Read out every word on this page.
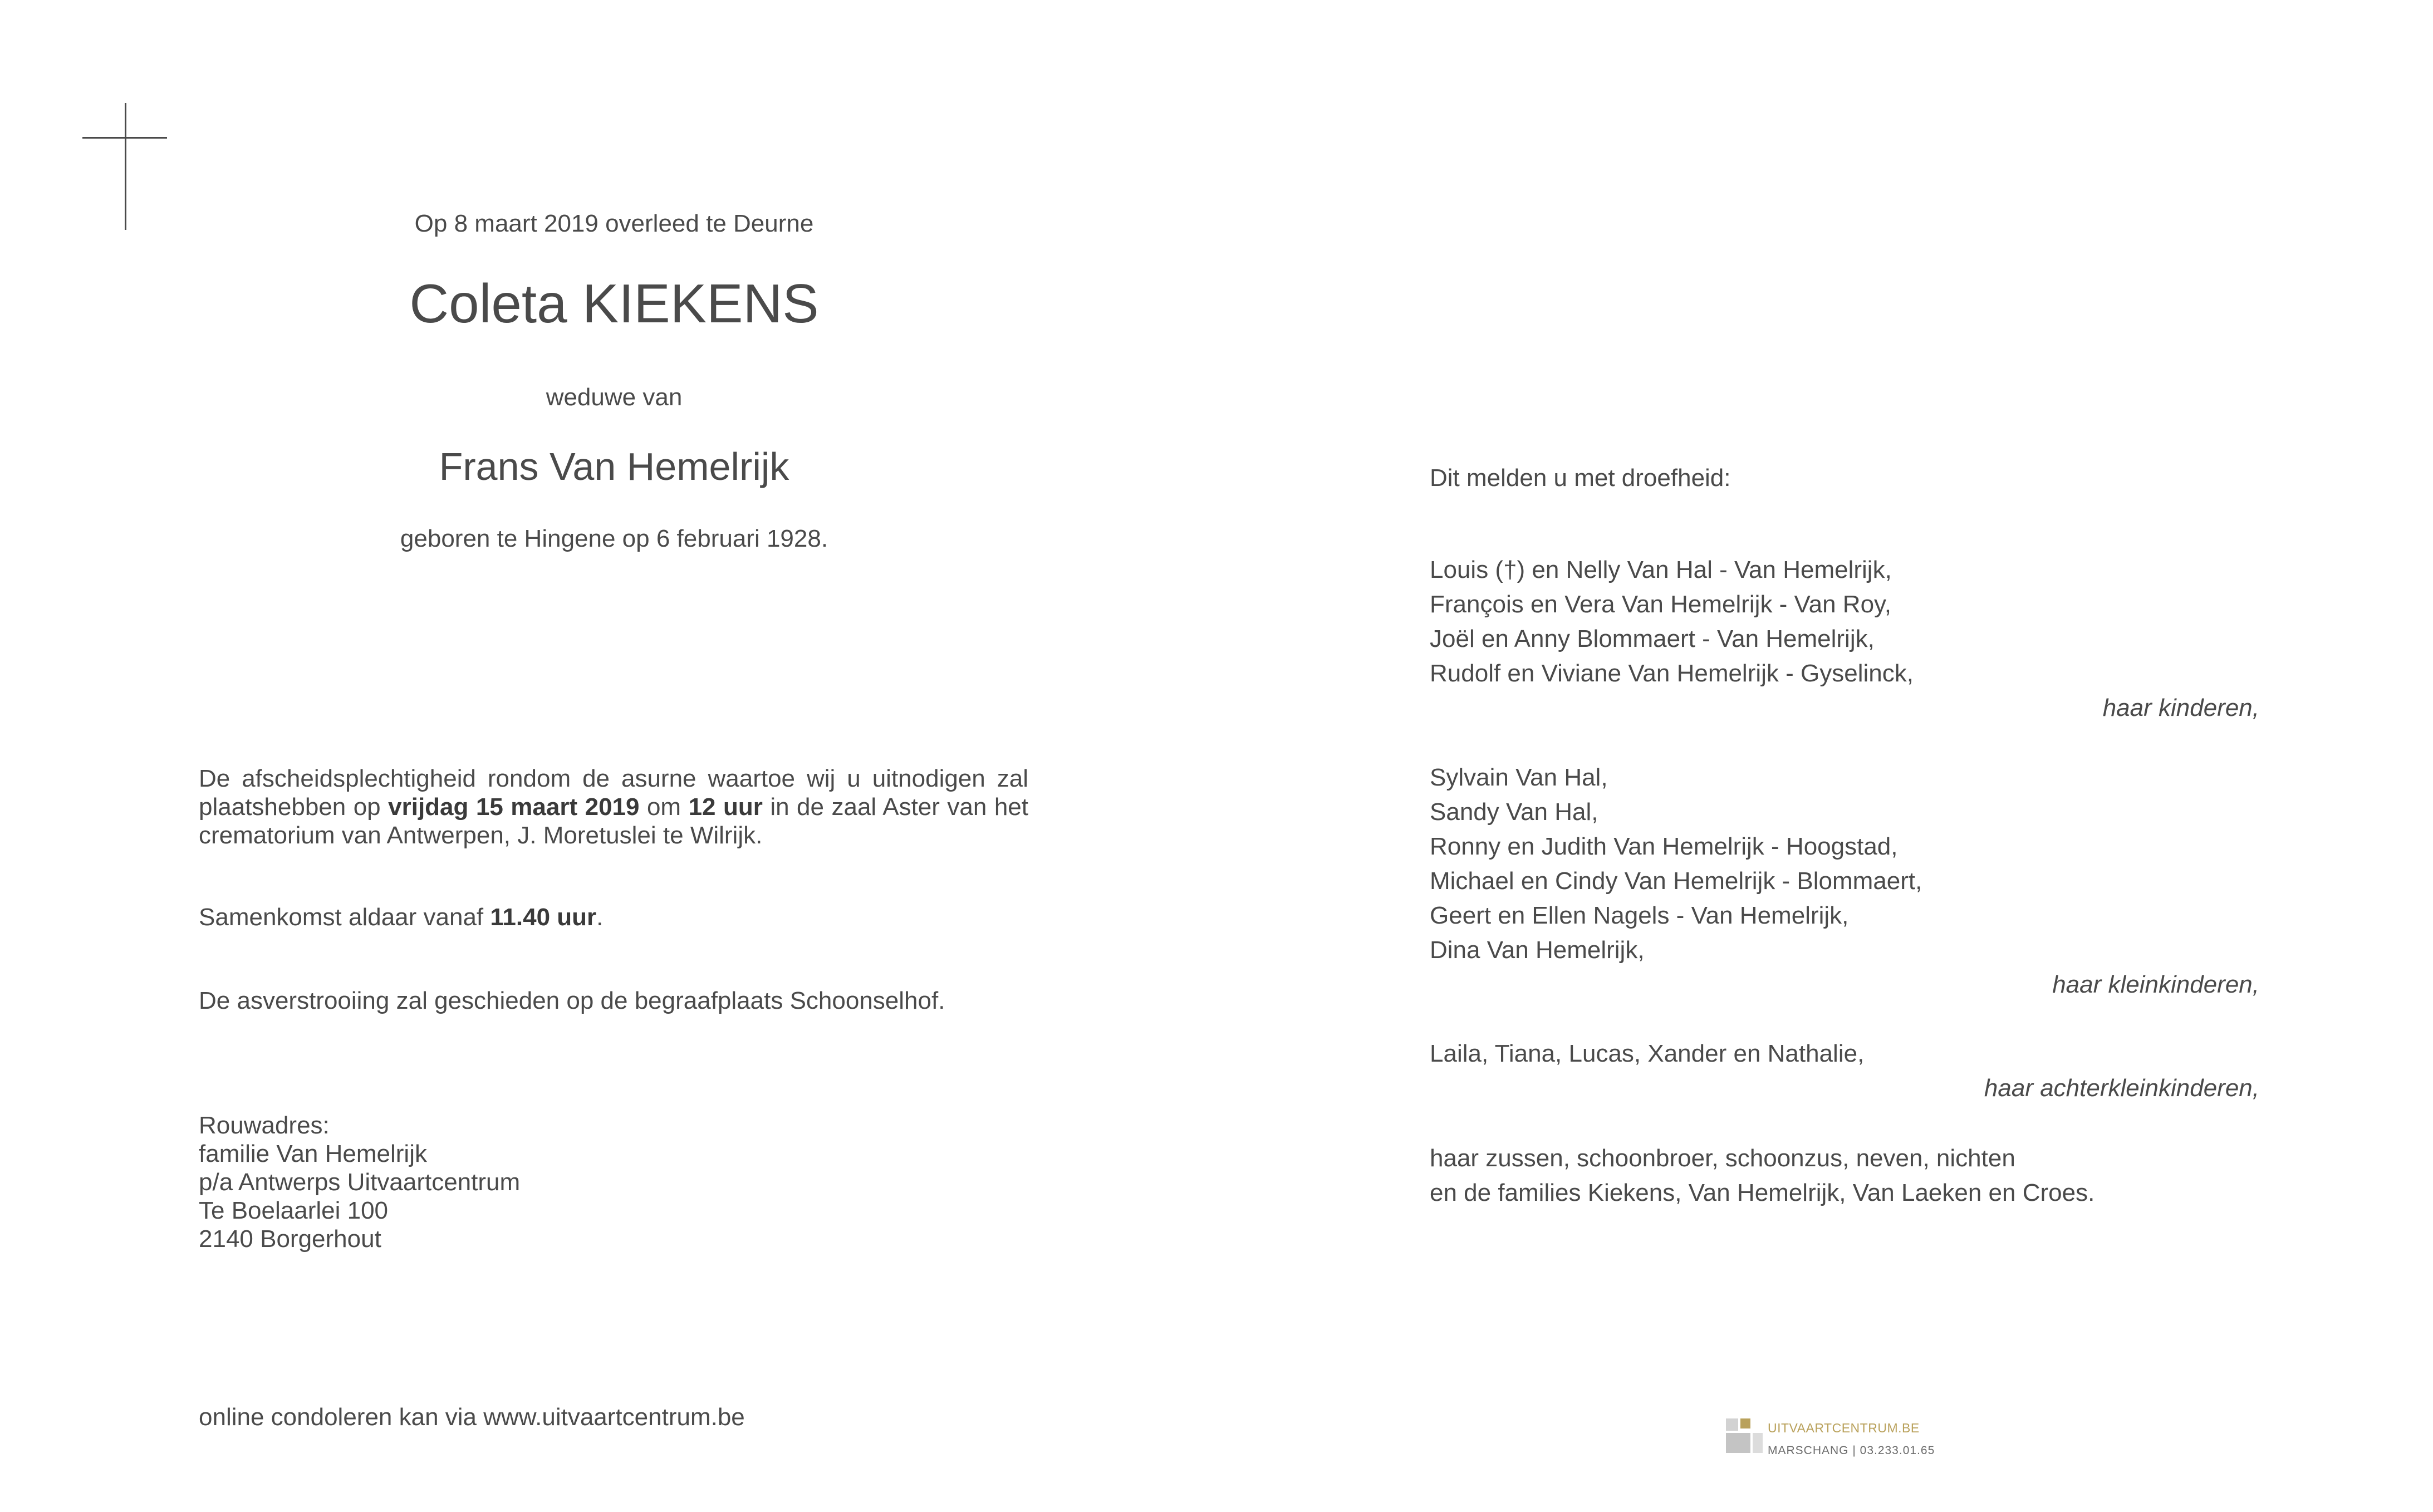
Op 8 maart 2019 overleed te Deurne
Coleta KIEKENS
weduwe van
Frans Van Hemelrijk
geboren te Hingene op 6 februari 1928.
De afscheidsplechtigheid rondom de asurne waartoe wij u uitnodigen zal plaatshebben op vrijdag 15 maart 2019 om 12 uur in de zaal Aster van het crematorium van Antwerpen, J. Moretuslei te Wilrijk.
Samenkomst aldaar vanaf 11.40 uur.
De asverstrooiing zal geschieden op de begraafplaats Schoonselhof.
Rouwadres:
familie Van Hemelrijk
p/a Antwerps Uitvaartcentrum
Te Boelaarlei 100
2140 Borgerhout
online condoleren kan via www.uitvaartcentrum.be
Dit melden u met droefheid:
Louis (†) en Nelly Van Hal - Van Hemelrijk,
François en Vera Van Hemelrijk - Van Roy,
Joël en Anny Blommaert - Van Hemelrijk,
Rudolf en Viviane Van Hemelrijk - Gyselinck,
haar kinderen,
Sylvain Van Hal,
Sandy Van Hal,
Ronny en Judith Van Hemelrijk - Hoogstad,
Michael en Cindy Van Hemelrijk - Blommaert,
Geert en Ellen Nagels - Van Hemelrijk,
Dina Van Hemelrijk,
haar kleinkinderen,
Laila, Tiana, Lucas, Xander en Nathalie,
haar achterkleinkinderen,
haar zussen, schoonbroer, schoonzus, neven, nichten
en de families Kiekens, Van Hemelrijk, Van Laeken en Croes.
UITVAARTCENTRUM.BE
MARSCHANG | 03.233.01.65
